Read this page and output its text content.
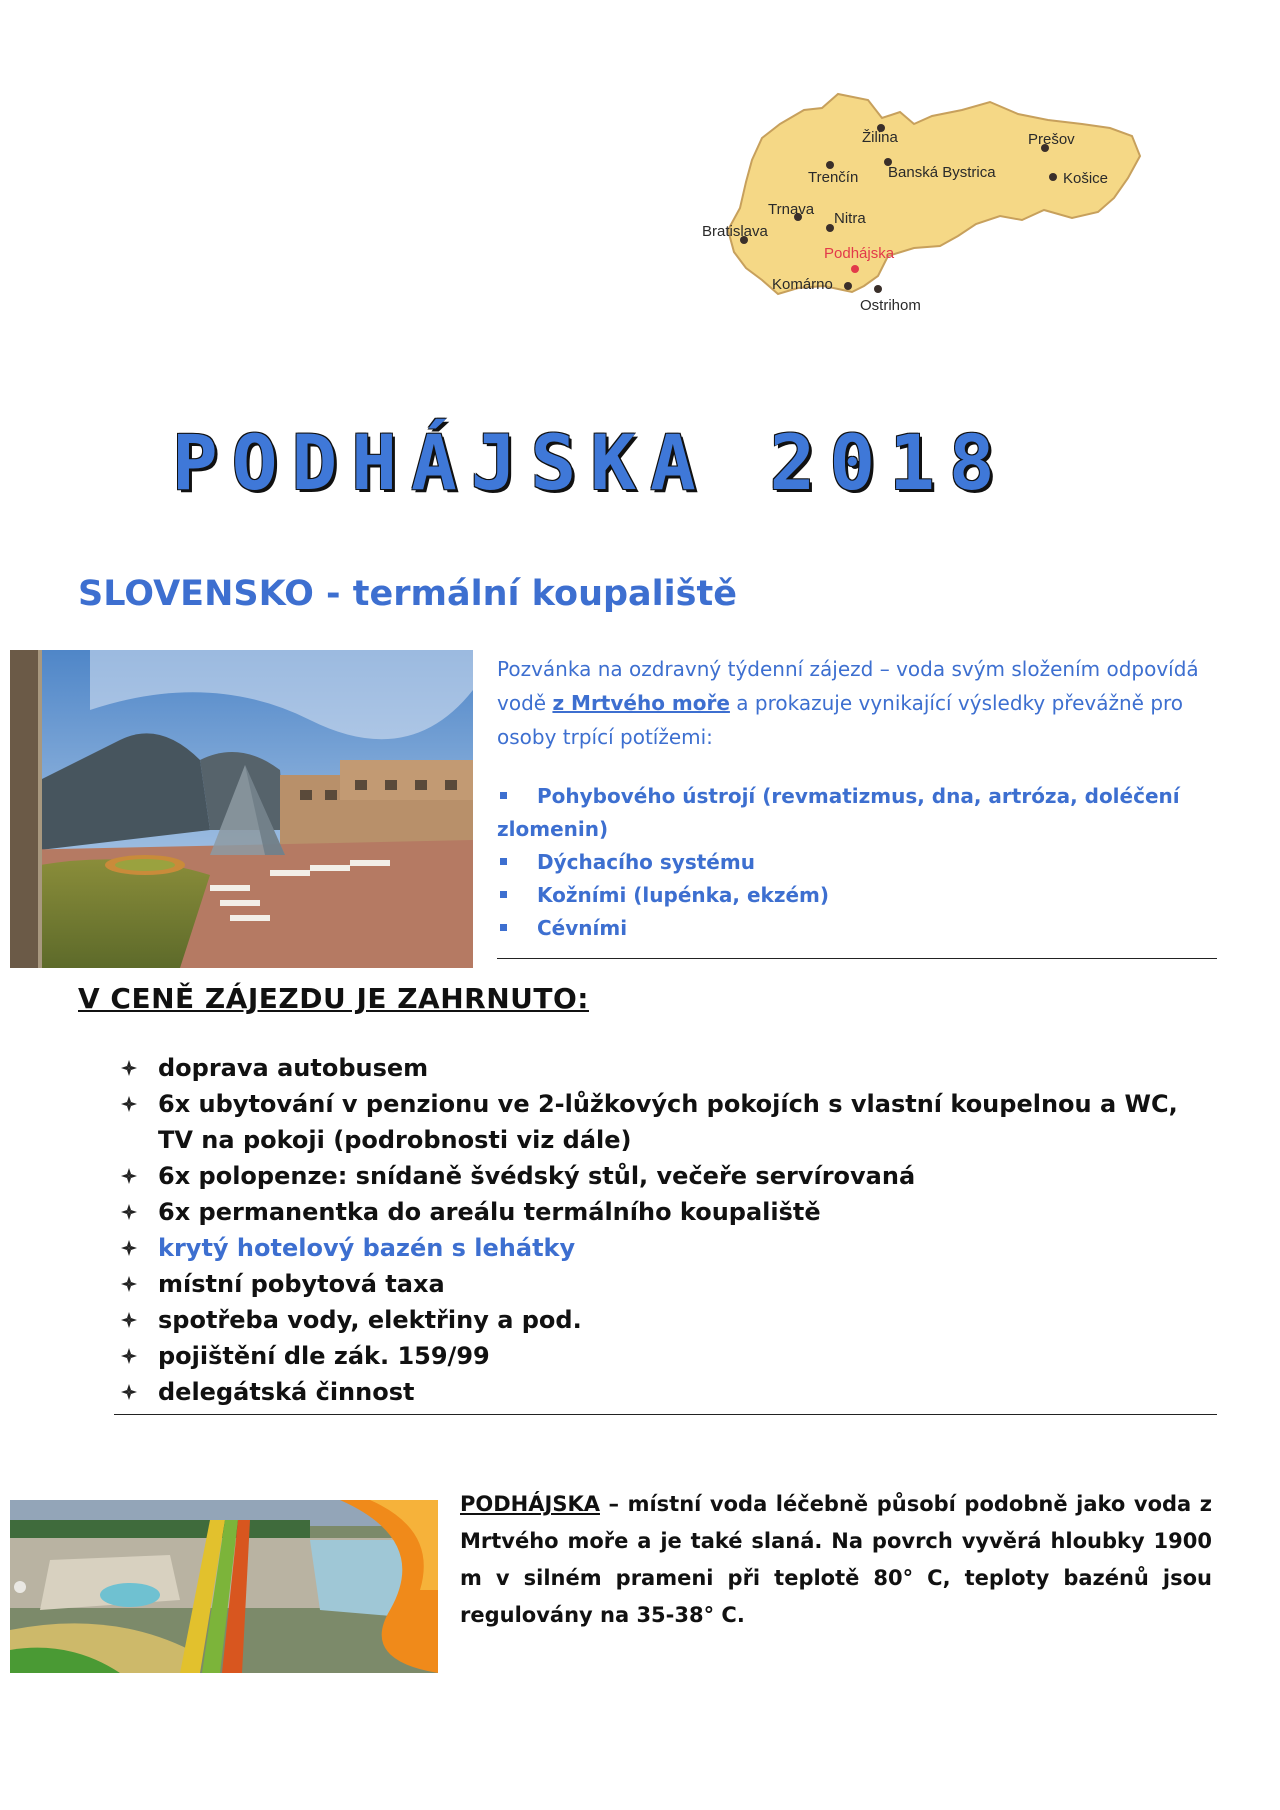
Žilina	Prešov
Trenčín Banská Bystrica	Košice
Trnava
Nitra
Bratislava
Podhájska
Komárno
Ostrihom
PODHÁJSKA 2018
SLOVENSKO - termální koupaliště

Pozvánka na ozdravný týdenní zájezd – voda svým složením odpovídá vodě z Mrtvého moře a prokazuje vynikající výsledky převážně pro osoby trpící potížemi:

Pohybového ústrojí (revmatizmus, dna, artróza, doléčení zlomenin)
Dýchacího systému
Kožními (lupénka, ekzém)
Cévními
V CENĚ ZÁJEZDU JE ZAHRNUTO:
doprava autobusem
6x ubytování v penzionu ve 2-lůžkových pokojích s vlastní koupelnou a WC, TV na pokoji (podrobnosti viz dále)
6x polopenze: snídaně švédský stůl, večeře servírovaná
6x permanentka do areálu termálního koupaliště
krytý hotelový bazén s lehátky
místní pobytová taxa
spotřeba vody, elektřiny a pod.
pojištění dle zák. 159/99
delegátská činnost

PODHÁJSKA – místní voda léčebně působí podobně jako voda z Mrtvého moře a je také slaná. Na povrch vyvěrá hloubky 1900 m v silném prameni při teplotě 80° C, teploty bazénů jsou regulovány na 35-38° C.
